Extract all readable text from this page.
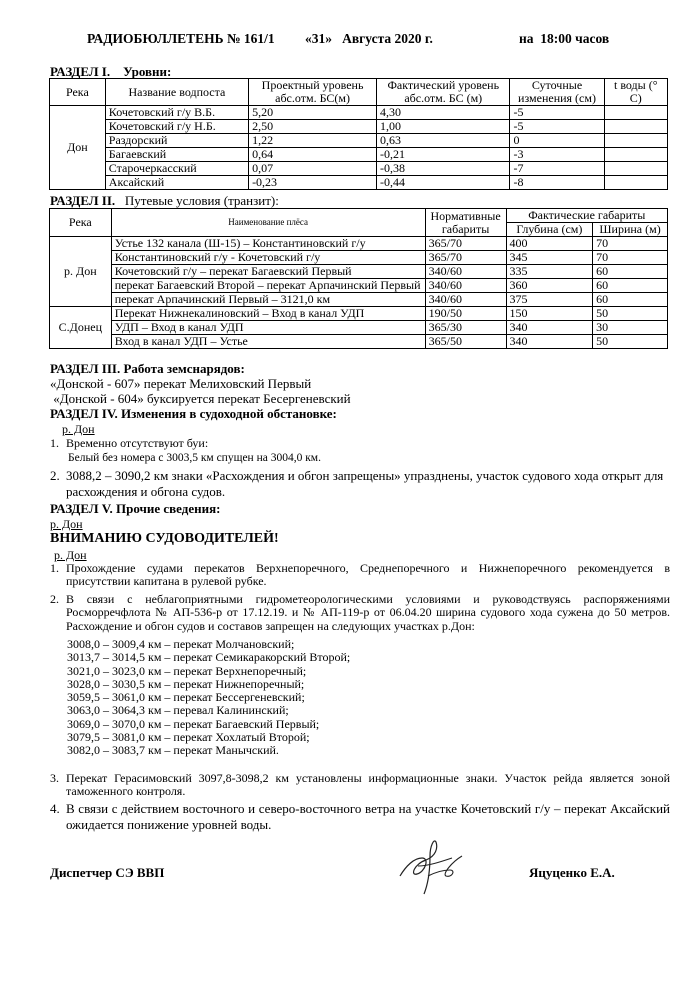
РАДИОБЮЛЛЕТЕНЬ № 161/1 «31»   Августа 2020 г.	на  18:00 часов
РАЗДЕЛ I. Уровни:
Река	Название водпоста	Проектный уровень абс.отм. БС(м)	Фактический уровень абс.отм. БС (м)	Суточные изменения (см)	t воды (° С)
Дон	Кочетовский г/у В.Б.	5,20	4,30	-5	
	Кочетовский г/у Н.Б.	2,50	1,00	-5	
	Раздорский	1,22	0,63	0	
	Багаевский	0,64	-0,21	-3	
	Старочеркасский	0,07	-0,38	-7	
	Аксайский	-0,23	-0,44	-8	
РАЗДЕЛ II. Путевые условия (транзит):
Река	Наименование плёса	Нормативные габариты	Фактические габариты	
			Глубина (см)	Ширина (м)
р. Дон	Устье 132 канала (Ш-15) – Константиновский г/у	365/70	400	70
	Константиновский г/у - Кочетовский г/у	365/70	345	70
	Кочетовский г/у – перекат Багаевский Первый	340/60	335	60
	перекат Багаевский Второй – перекат Арпачинский Первый	340/60	360	60
	перекат Арпачинский Первый – 3121,0 км	340/60	375	60
С.Донец	Перекат Нижнекалиновский – Вход в канал УДП	190/50	150	50
	УДП – Вход в канал УДП	365/30	340	30
	Вход в канал УДП – Устье	365/50	340	50
РАЗДЕЛ III. Работа земснарядов:
«Донской - 607» перекат Мелиховский Первый
«Донской - 604» буксируется перекат Бесергеневский
РАЗДЕЛ IV. Изменения в судоходной обстановке:
р. Дон
1. Временно отсутствуют буи:
Белый без номера с 3003,5 км спущен на 3004,0 км.
2. 3088,2 – 3090,2 км знаки «Расхождения и обгон запрещены» упразднены, участок судового хода открыт для расхождения и обгона судов.
РАЗДЕЛ V. Прочие сведения:
р. Дон
ВНИМАНИЮ СУДОВОДИТЕЛЕЙ!
р. Дон
1. Прохождение судами перекатов Верхнепоречного, Среднепоречного и Нижнепоречного рекомендуется в присутствии капитана в рулевой рубке.
2. В связи с неблагоприятными гидрометеорологическими условиями и руководствуясь распоряжениями Росморречфлота № АП-536-р от 17.12.19. и № АП-119-р от 06.04.20 ширина судового хода сужена до 50 метров. Расхождение и обгон судов и составов запрещен на следующих участках р.Дон:
3008,0 – 3009,4 км – перекат Молчановский;
3013,7 – 3014,5 км – перекат Семикаракорский Второй;
3021,0 – 3023,0 км – перекат Верхнепоречный;
3028,0 – 3030,5 км – перекат Нижнепоречный;
3059,5 – 3061,0 км – перекат Бессергеневский;
3063,0 – 3064,3 км – перевал Калининский;
3069,0 – 3070,0 км – перекат Багаевский Первый;
3079,5 – 3081,0 км – перекат Хохлатый Второй;
3082,0 – 3083,7 км – перекат Манычский.
3. Перекат Герасимовский 3097,8-3098,2 км установлены информационные знаки. Участок рейда является зоной таможенного контроля.
4. В связи с действием восточного и северо-восточного ветра на участке Кочетовский г/у – перекат Аксайский ожидается понижение уровней воды.
Диспетчер СЭ ВВП	Яцуценко Е.А.
